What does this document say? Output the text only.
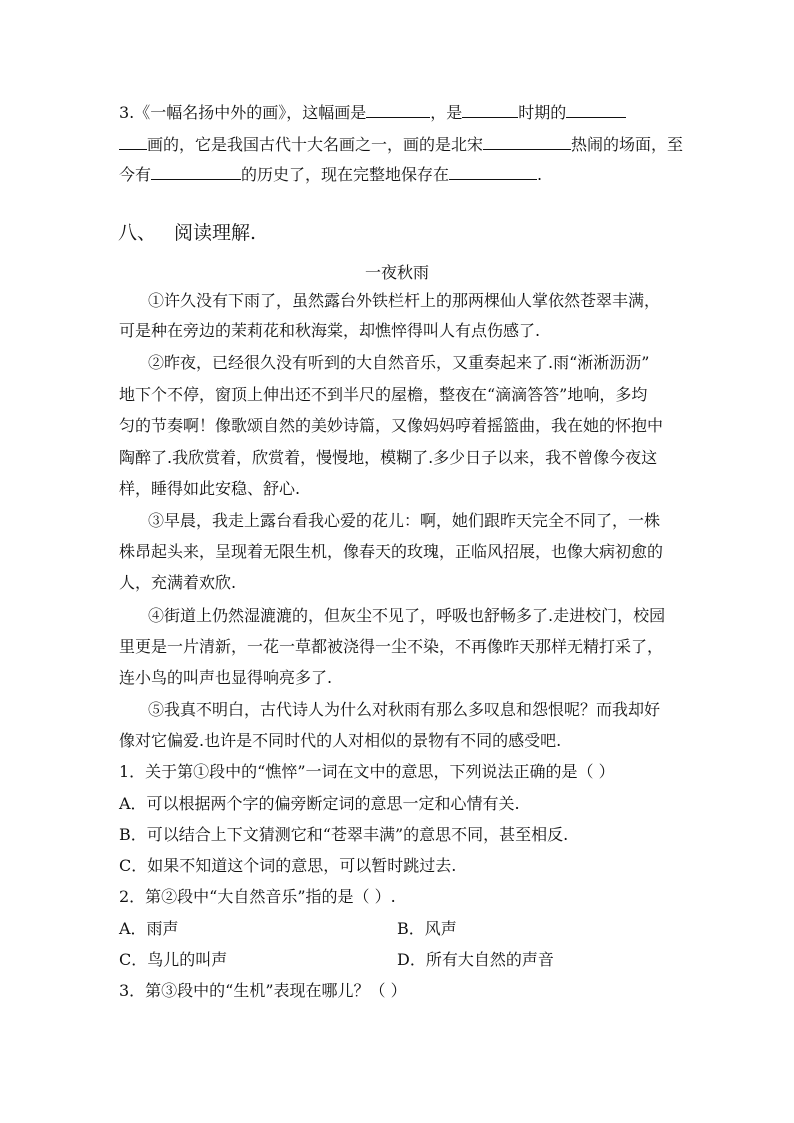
3.《一幅名扬中外的画》，这幅画是	，是	时期的
画的，它是我国古代十大名画之一，画的是北宋	热闹的场面，至
今有	的历史了，现在完整地保存在	.
八、 阅读理解.
一夜秋雨
①许久没有下雨了，虽然露台外铁栏杆上的那两棵仙人掌依然苍翠丰满，
可是种在旁边的茉莉花和秋海棠，却憔悴得叫人有点伤感了.
②昨夜，已经很久没有听到的大自然音乐，又重奏起来了.雨“淅淅沥沥”
地下个不停，窗顶上伸出还不到半尺的屋檐，整夜在“滴滴答答”地响，多均
匀的节奏啊！像歌颂自然的美妙诗篇，又像妈妈哼着摇篮曲，我在她的怀抱中
陶醉了.我欣赏着，欣赏着，慢慢地，模糊了.多少日子以来，我不曾像今夜这
样，睡得如此安稳、舒心.
③早晨，我走上露台看我心爱的花儿：啊，她们跟昨天完全不同了，一株
株昂起头来，呈现着无限生机，像春天的玫瑰，正临风招展，也像大病初愈的
人，充满着欢欣.
④街道上仍然湿漉漉的，但灰尘不见了，呼吸也舒畅多了.走进校门，校园
里更是一片清新，一花一草都被浇得一尘不染，不再像昨天那样无精打采了，
连小鸟的叫声也显得响亮多了.
⑤我真不明白，古代诗人为什么对秋雨有那么多叹息和怨恨呢？而我却好
像对它偏爱.也许是不同时代的人对相似的景物有不同的感受吧.
1．关于第①段中的“憔悴”一词在文中的意思，下列说法正确的是（ ）
A．可以根据两个字的偏旁断定词的意思一定和心情有关.
B．可以结合上下文猜测它和“苍翠丰满”的意思不同，甚至相反.
C．如果不知道这个词的意思，可以暂时跳过去.
2．第②段中“大自然音乐”指的是（ ）.
A．雨声	B．风声
C．鸟儿的叫声	D．所有大自然的声音
3．第③段中的“生机”表现在哪儿？（ ）
